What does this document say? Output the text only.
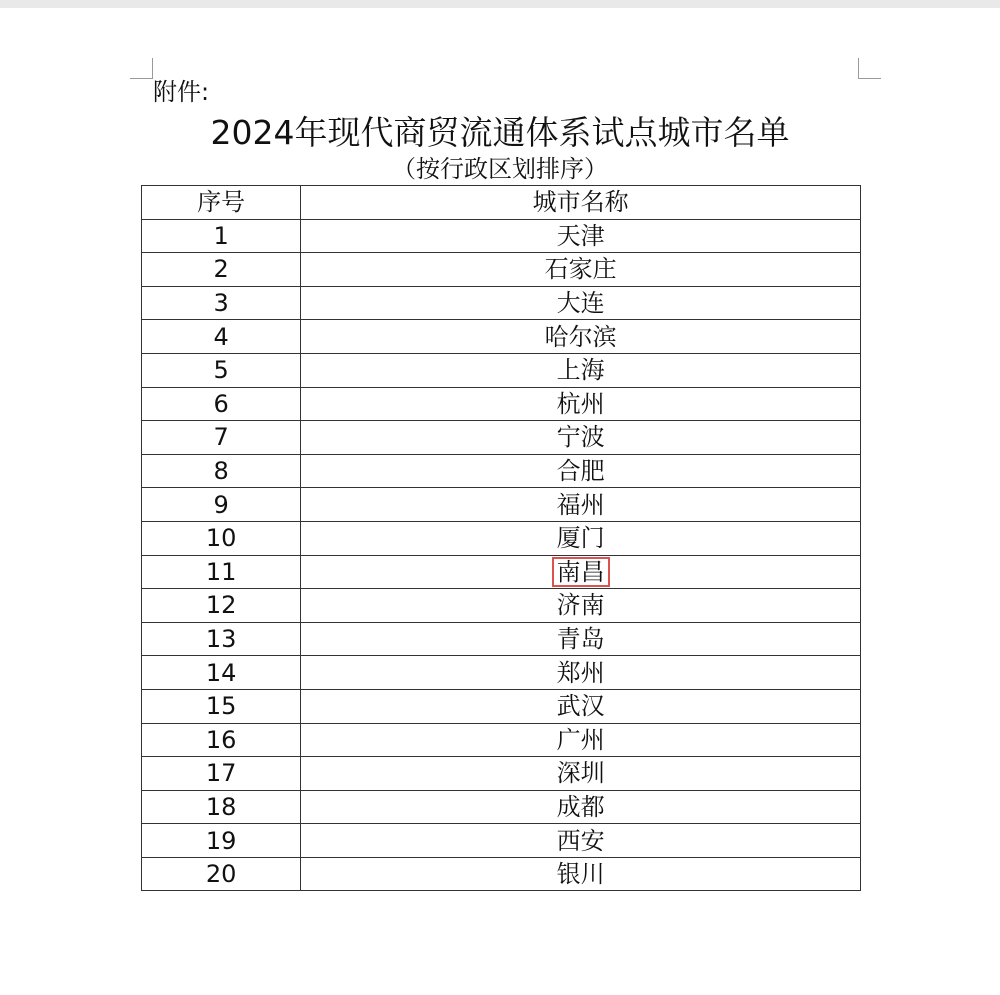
附件:
2024年现代商贸流通体系试点城市名单
（按行政区划排序）
序号	城市名称
1	天津
2	石家庄
3	大连
4	哈尔滨
5	上海
6	杭州
7	宁波
8	合肥
9	福州
10	厦门
11	南昌
12	济南
13	青岛
14	郑州
15	武汉
16	广州
17	深圳
18	成都
19	西安
20	银川
